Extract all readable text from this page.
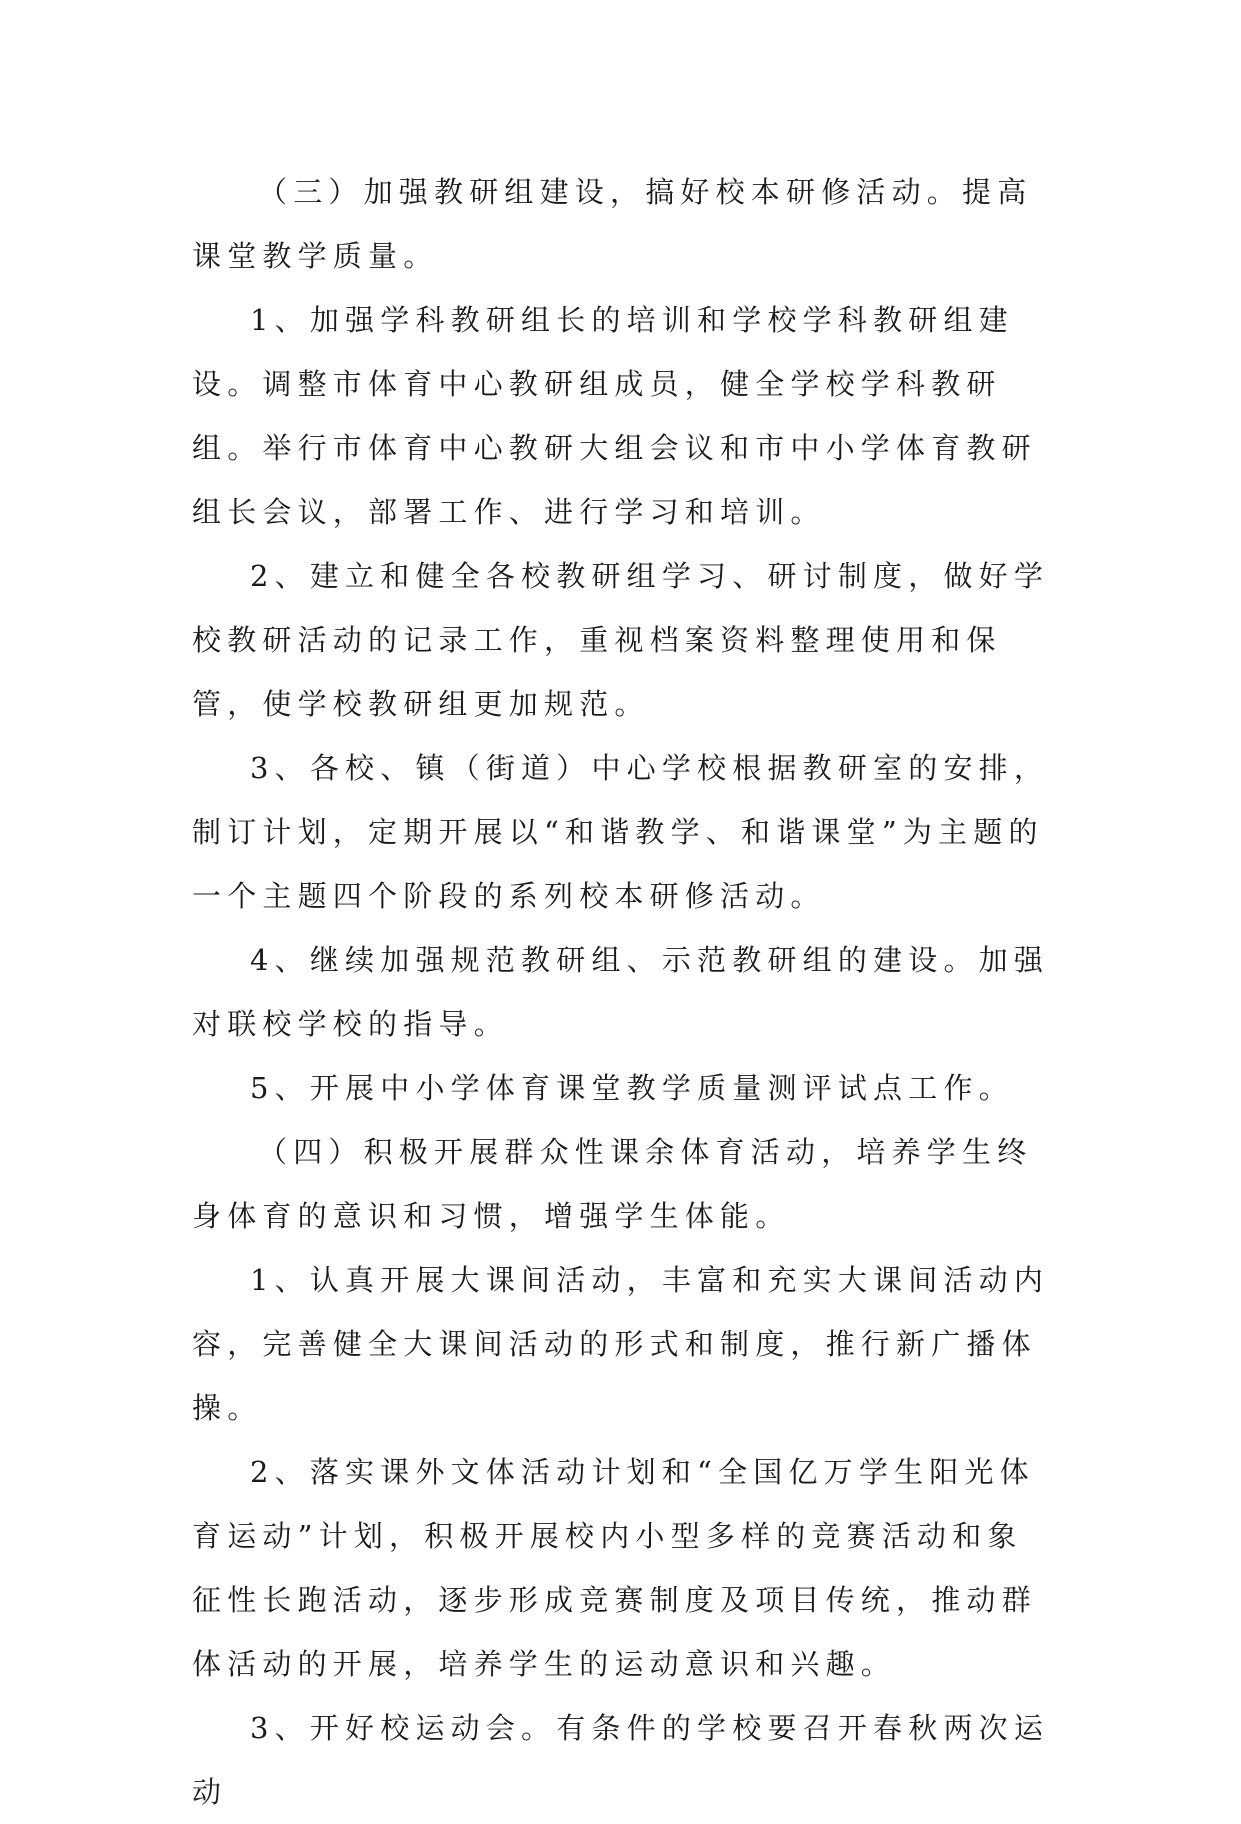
（三）加强教研组建设，搞好校本研修活动。提高课堂教学质量。

1、加强学科教研组长的培训和学校学科教研组建设。调整市体育中心教研组成员，健全学校学科教研组。举行市体育中心教研大组会议和市中小学体育教研组长会议，部署工作、进行学习和培训。

2、建立和健全各校教研组学习、研讨制度，做好学校教研活动的记录工作，重视档案资料整理使用和保管，使学校教研组更加规范。

3、各校、镇（街道）中心学校根据教研室的安排，制订计划，定期开展以“和谐教学、和谐课堂”为主题的一个主题四个阶段的系列校本研修活动。

4、继续加强规范教研组、示范教研组的建设。加强对联校学校的指导。

5、开展中小学体育课堂教学质量测评试点工作。

（四）积极开展群众性课余体育活动，培养学生终身体育的意识和习惯，增强学生体能。

1、认真开展大课间活动，丰富和充实大课间活动内容，完善健全大课间活动的形式和制度，推行新广播体操。

2、落实课外文体活动计划和“全国亿万学生阳光体育运动”计划，积极开展校内小型多样的竞赛活动和象征性长跑活动，逐步形成竞赛制度及项目传统，推动群体活动的开展，培养学生的运动意识和兴趣。

3、开好校运动会。有条件的学校要召开春秋两次运动
